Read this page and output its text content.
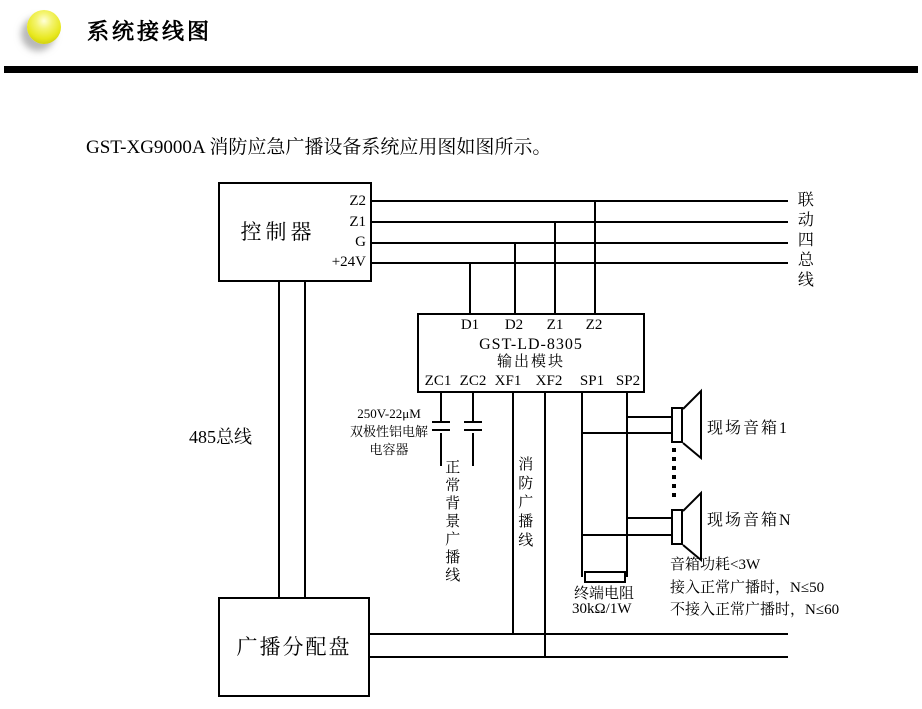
系统接线图
GST-XG9000A 消防应急广播设备系统应用图如图所示。
控制器
Z2
Z1
G
+24V	联动四总线
485总线
D1 D2 Z1 Z2
GST-LD-8305
输出模块
ZC1 ZC2 XF1 XF2 SP1 SP2
250V-22μM
双极性铝电解
电容器
正常背景广播线	消防广播线
终端电阻
30kΩ/1W
现场音箱1
现场音箱N
音箱功耗<3W
接入正常广播时，N≤50
不接入正常广播时，N≤60
广播分配盘
